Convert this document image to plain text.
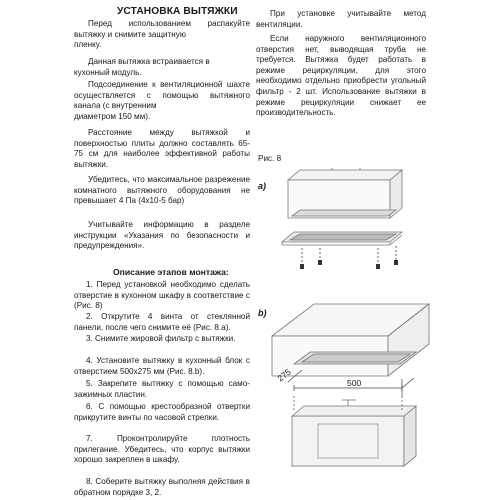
УСТАНОВКА ВЫТЯЖКИ
Перед использованием распакуйте вытяжку и снимите защитную
пленку.
Данная вытяжка встраивается в
кухонный модуль.
Подсоединение к вентиляционной шахте осуществляется с помощью вытяжного канала (с внутренним
диаметром 150 мм).
Расстояние между вытяжкой и поверхностью плиты должно составлять 65-75 см для наиболее эффективной работы вытяжки.
Убедитесь, что максимальное разрежение комнатного вытяжного оборудования не превышает 4 Па (4x10-5 бар)
Учитывайте информацию в разделе инструкции «Указания по безопасности и предупреждения».
Описание этапов монтажа:
1. Перед установкой необходимо сделать отверстие в кухонном шкафу в соответствие с (Рис. 8)
2. Открутите 4 винта от стеклянной панели, после чего снимите её (Рис. 8.а).
3. Снимите жировой фильтр с вытяжки.
4. Установите вытяжку в кухонный блок с отверстием 500x275 мм (Рис. 8.b).
5. Закрепите вытяжку с помощью само-зажимных пластин.
6. С помощью крестообразной отвертки прикрутите винты по часовой стрелки.
7. Проконтролируйте плотность прилегание. Убедитесь, что корпус вытяжки хорошо закреплен в шкафу.
8. Соберите вытяжку выполняя действия в обратном порядке 3, 2.
При установке учитывайте метод вентиляции.
Если наружного вентиляционного отверстия нет, выводящая труба не требуется. Вытяжка будет работать в режиме рециркуляции, для этого необходимо отдельно приобрести угольный фильтр - 2 шт. Использование вытяжки в режиме рециркуляции снижает ее производительность.
Рис. 8
a)
b)
275	500
